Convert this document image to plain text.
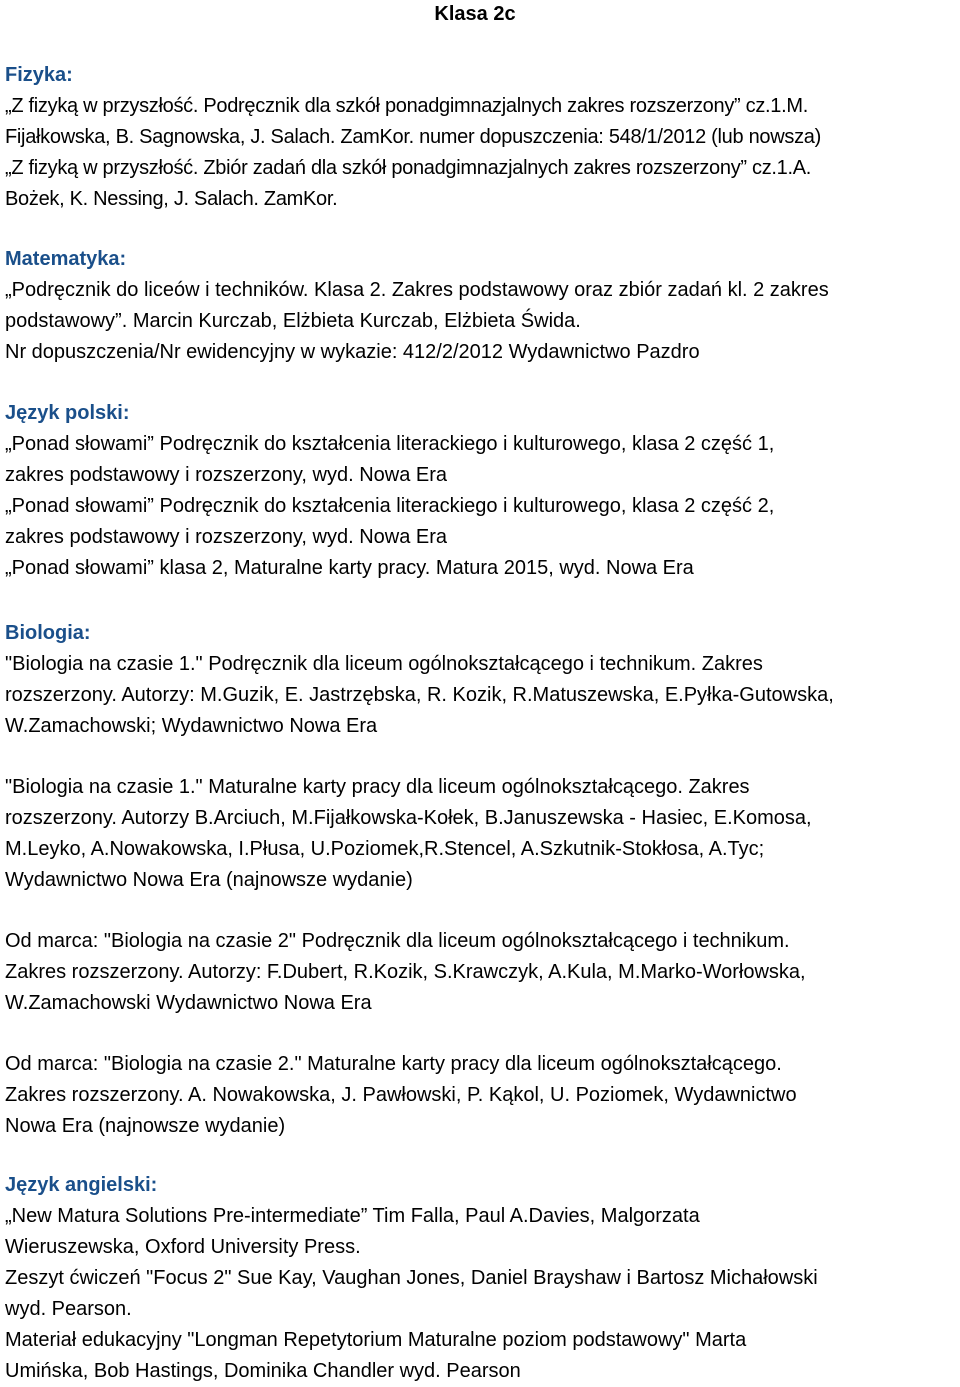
Klasa 2c
Fizyka:
„Z fizyką w przyszłość. Podręcznik dla szkół ponadgimnazjalnych zakres rozszerzony” cz.1.M.
Fijałkowska, B. Sagnowska, J. Salach. ZamKor. numer dopuszczenia: 548/1/2012 (lub nowsza)
„Z fizyką w przyszłość. Zbiór zadań dla szkół ponadgimnazjalnych zakres rozszerzony” cz.1.A.
Bożek, K. Nessing, J. Salach. ZamKor.
Matematyka:
„Podręcznik do liceów i techników. Klasa 2. Zakres podstawowy oraz zbiór zadań kl. 2 zakres
podstawowy”. Marcin Kurczab, Elżbieta Kurczab, Elżbieta Świda.
Nr dopuszczenia/Nr ewidencyjny w wykazie: 412/2/2012 Wydawnictwo Pazdro
Język polski:
„Ponad słowami” Podręcznik do kształcenia literackiego i kulturowego, klasa 2 część 1,
zakres podstawowy i rozszerzony, wyd. Nowa Era
„Ponad słowami” Podręcznik do kształcenia literackiego i kulturowego, klasa 2 część 2,
zakres podstawowy i rozszerzony, wyd. Nowa Era
„Ponad słowami” klasa 2, Maturalne karty pracy. Matura 2015, wyd. Nowa Era
Biologia:
"Biologia na czasie 1." Podręcznik dla liceum ogólnokształcącego i technikum. Zakres
rozszerzony. Autorzy: M.Guzik, E. Jastrzębska, R. Kozik, R.Matuszewska, E.Pyłka-Gutowska,
W.Zamachowski; Wydawnictwo Nowa Era
"Biologia na czasie 1." Maturalne karty pracy dla liceum ogólnokształcącego. Zakres
rozszerzony. Autorzy B.Arciuch, M.Fijałkowska-Kołek, B.Januszewska - Hasiec, E.Komosa,
M.Leyko, A.Nowakowska, I.Płusa, U.Poziomek,R.Stencel, A.Szkutnik-Stokłosa, A.Tyc;
Wydawnictwo Nowa Era (najnowsze wydanie)
Od marca: "Biologia na czasie 2" Podręcznik dla liceum ogólnokształcącego i technikum.
Zakres rozszerzony. Autorzy: F.Dubert, R.Kozik, S.Krawczyk, A.Kula, M.Marko-Worłowska,
W.Zamachowski Wydawnictwo Nowa Era
Od marca: "Biologia na czasie 2." Maturalne karty pracy dla liceum ogólnokształcącego.
Zakres rozszerzony. A. Nowakowska, J. Pawłowski, P. Kąkol, U. Poziomek, Wydawnictwo
Nowa Era (najnowsze wydanie)
Język angielski:
„New Matura Solutions Pre-intermediate” Tim Falla, Paul A.Davies, Malgorzata
Wieruszewska, Oxford University Press.
Zeszyt ćwiczeń "Focus 2" Sue Kay, Vaughan Jones, Daniel Brayshaw i Bartosz Michałowski
wyd. Pearson.
Materiał edukacyjny "Longman Repetytorium Maturalne poziom podstawowy" Marta
Umińska, Bob Hastings, Dominika Chandler wyd. Pearson
